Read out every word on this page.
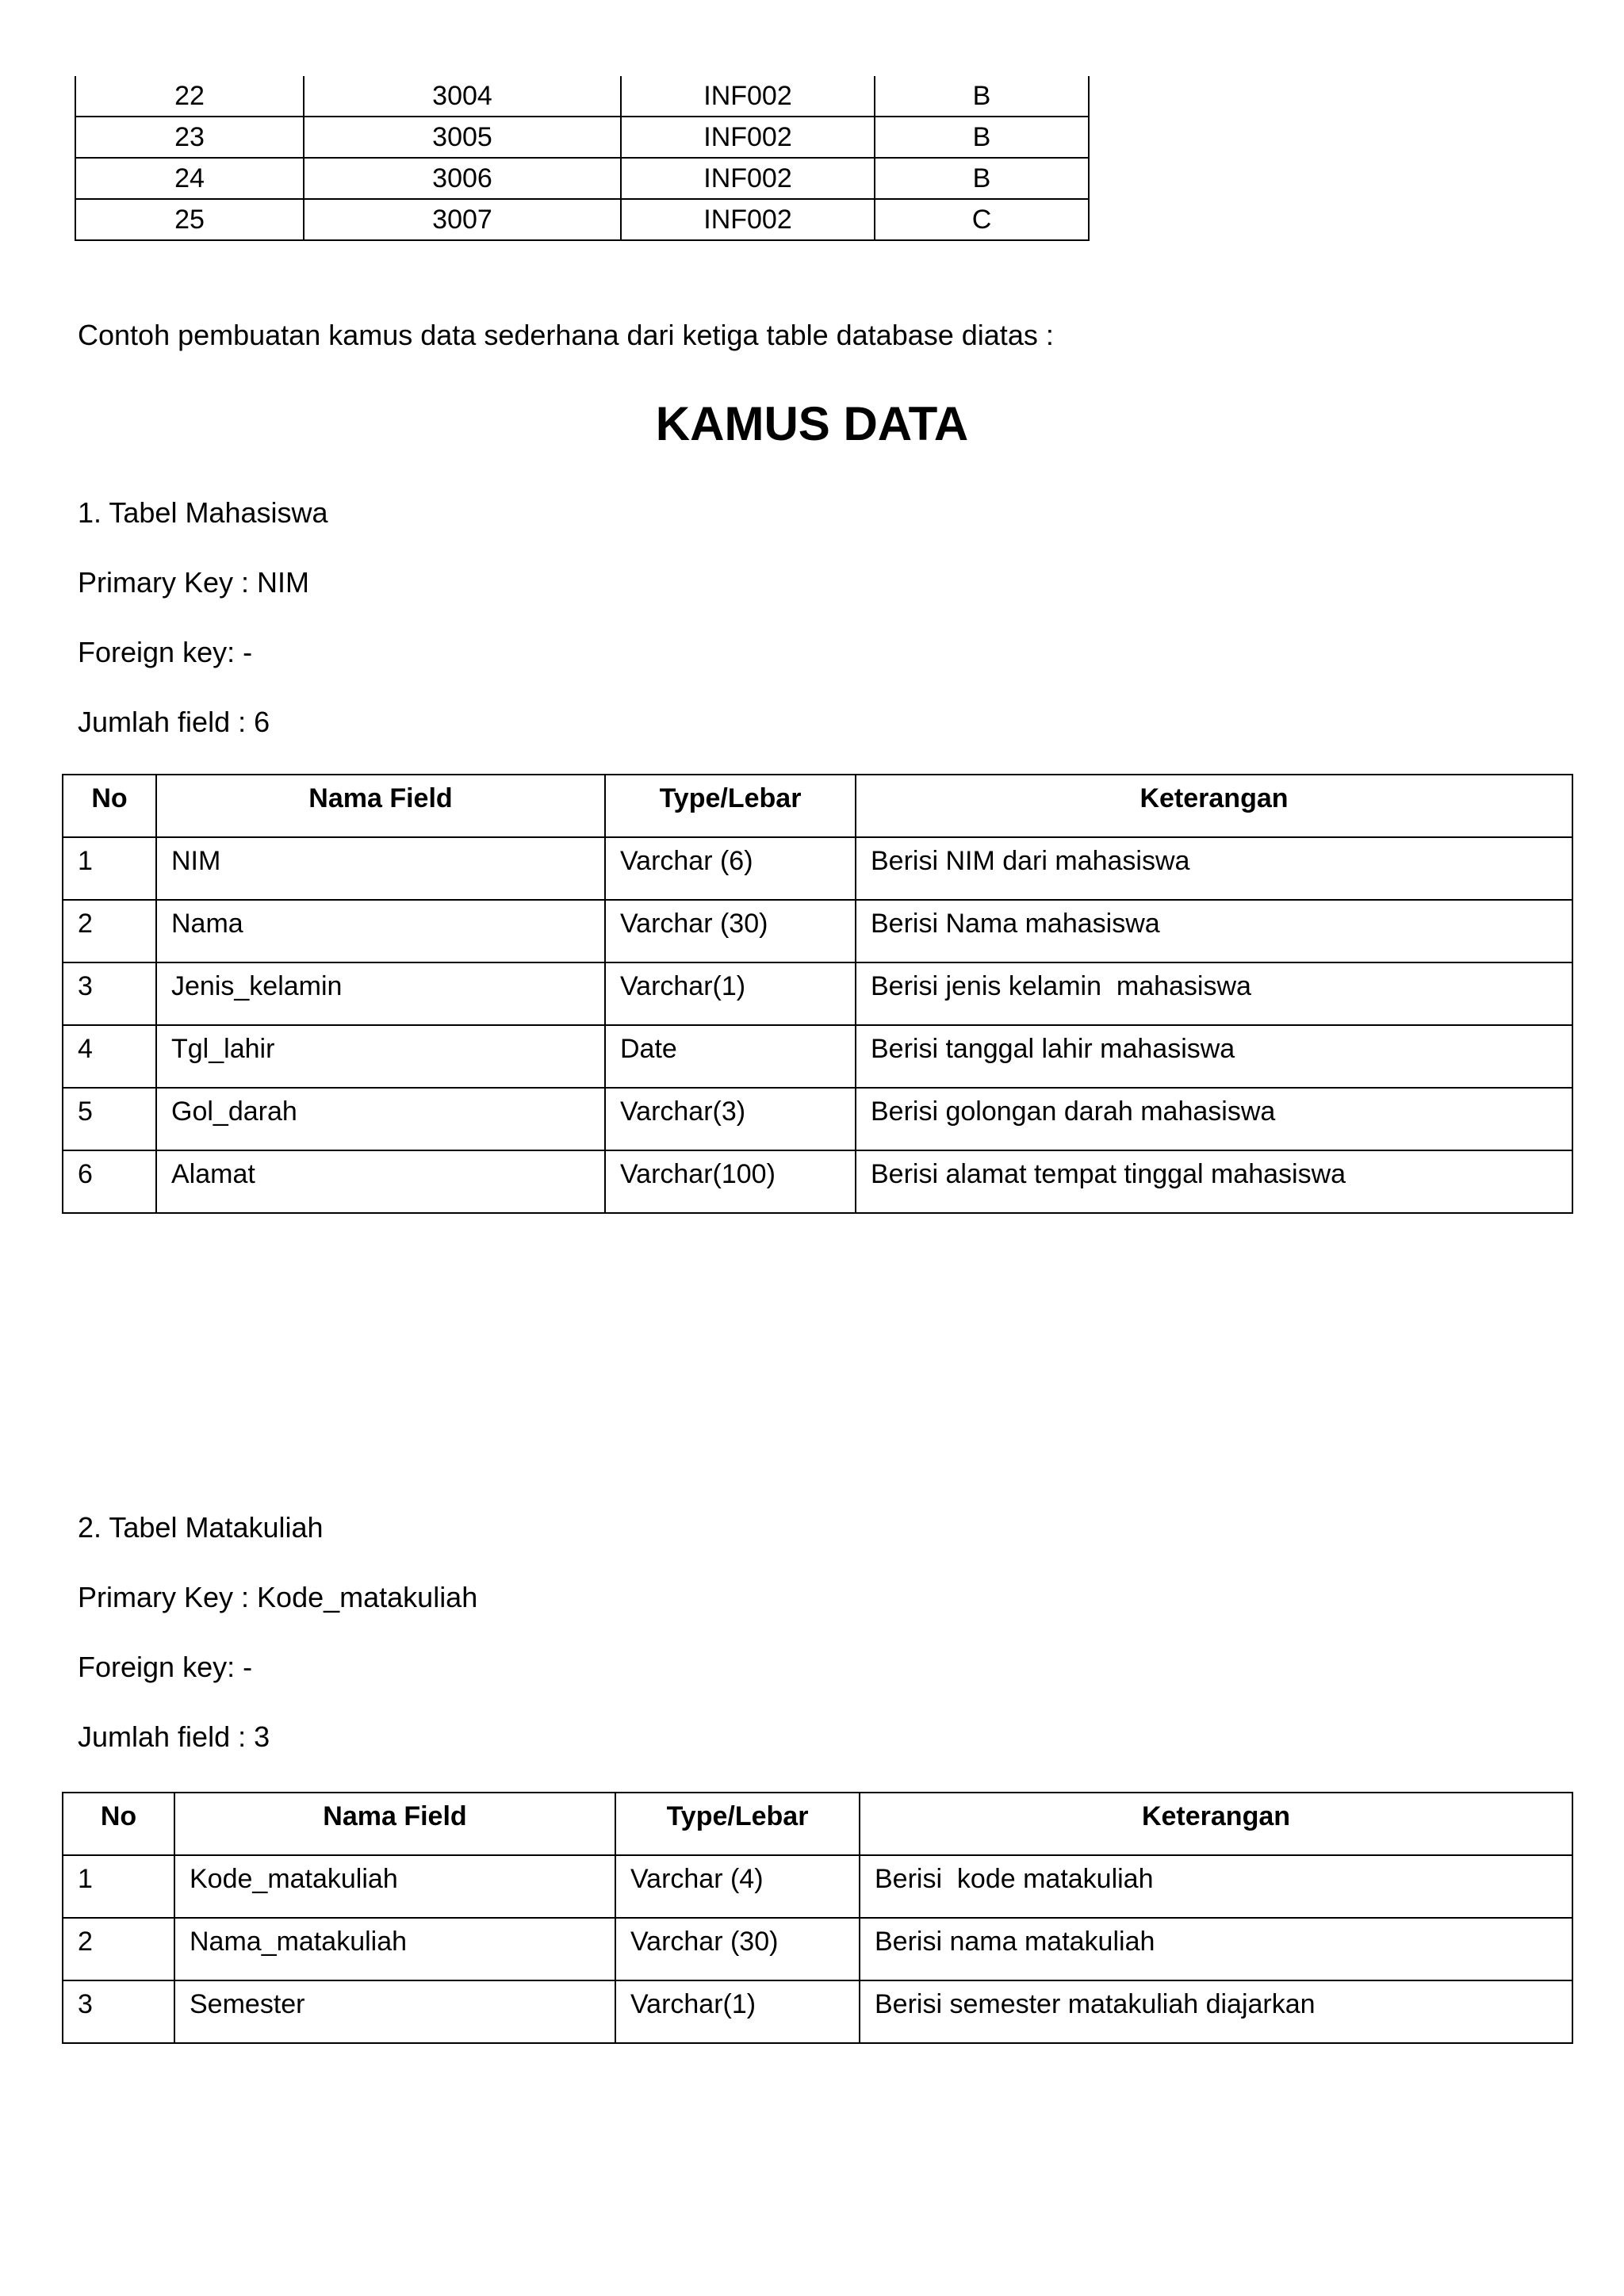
22	3004	INF002	B
23	3005	INF002	B
24	3006	INF002	B
25	3007	INF002	C
Contoh pembuatan kamus data sederhana dari ketiga table database diatas :
KAMUS DATA
1. Tabel Mahasiswa
Primary Key : NIM
Foreign key: -
Jumlah field : 6
No	Nama Field	Type/Lebar	Keterangan
1	NIM	Varchar (6)	Berisi NIM dari mahasiswa
2	Nama	Varchar (30)	Berisi Nama mahasiswa
3	Jenis_kelamin	Varchar(1)	Berisi jenis kelamin  mahasiswa
4	Tgl_lahir	Date	Berisi tanggal lahir mahasiswa
5	Gol_darah	Varchar(3)	Berisi golongan darah mahasiswa
6	Alamat	Varchar(100)	Berisi alamat tempat tinggal mahasiswa
2. Tabel Matakuliah
Primary Key : Kode_matakuliah
Foreign key: -
Jumlah field : 3
No	Nama Field	Type/Lebar	Keterangan
1	Kode_matakuliah	Varchar (4)	Berisi  kode matakuliah
2	Nama_matakuliah	Varchar (30)	Berisi nama matakuliah
3	Semester	Varchar(1)	Berisi semester matakuliah diajarkan
